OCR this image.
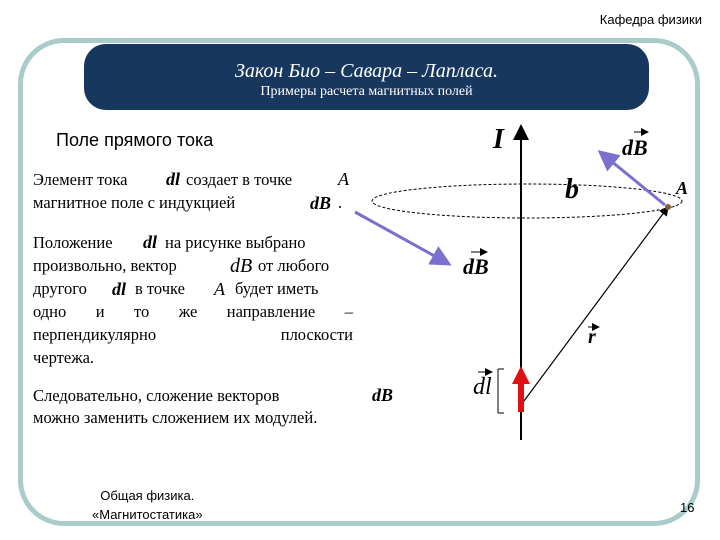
Кафедра физики
Закон Био – Савара – Лапласа.
Примеры расчета магнитных полей
Поле прямого тока
Элемент тока dl создает в точке	A
магнитное поле с индукцией	dB .
Положение dl на рисунке выбрано
произвольно, вектор	dB от любого
другого dl в точке A будет иметь
одно и то же направление –
перпендикулярно плоскости
чертежа.
Следовательно, сложение векторов	dB
можно заменить сложением их модулей.
I	dB
b	A
dB
r
dl
Общая физика.
«Магнитостатика»	16
